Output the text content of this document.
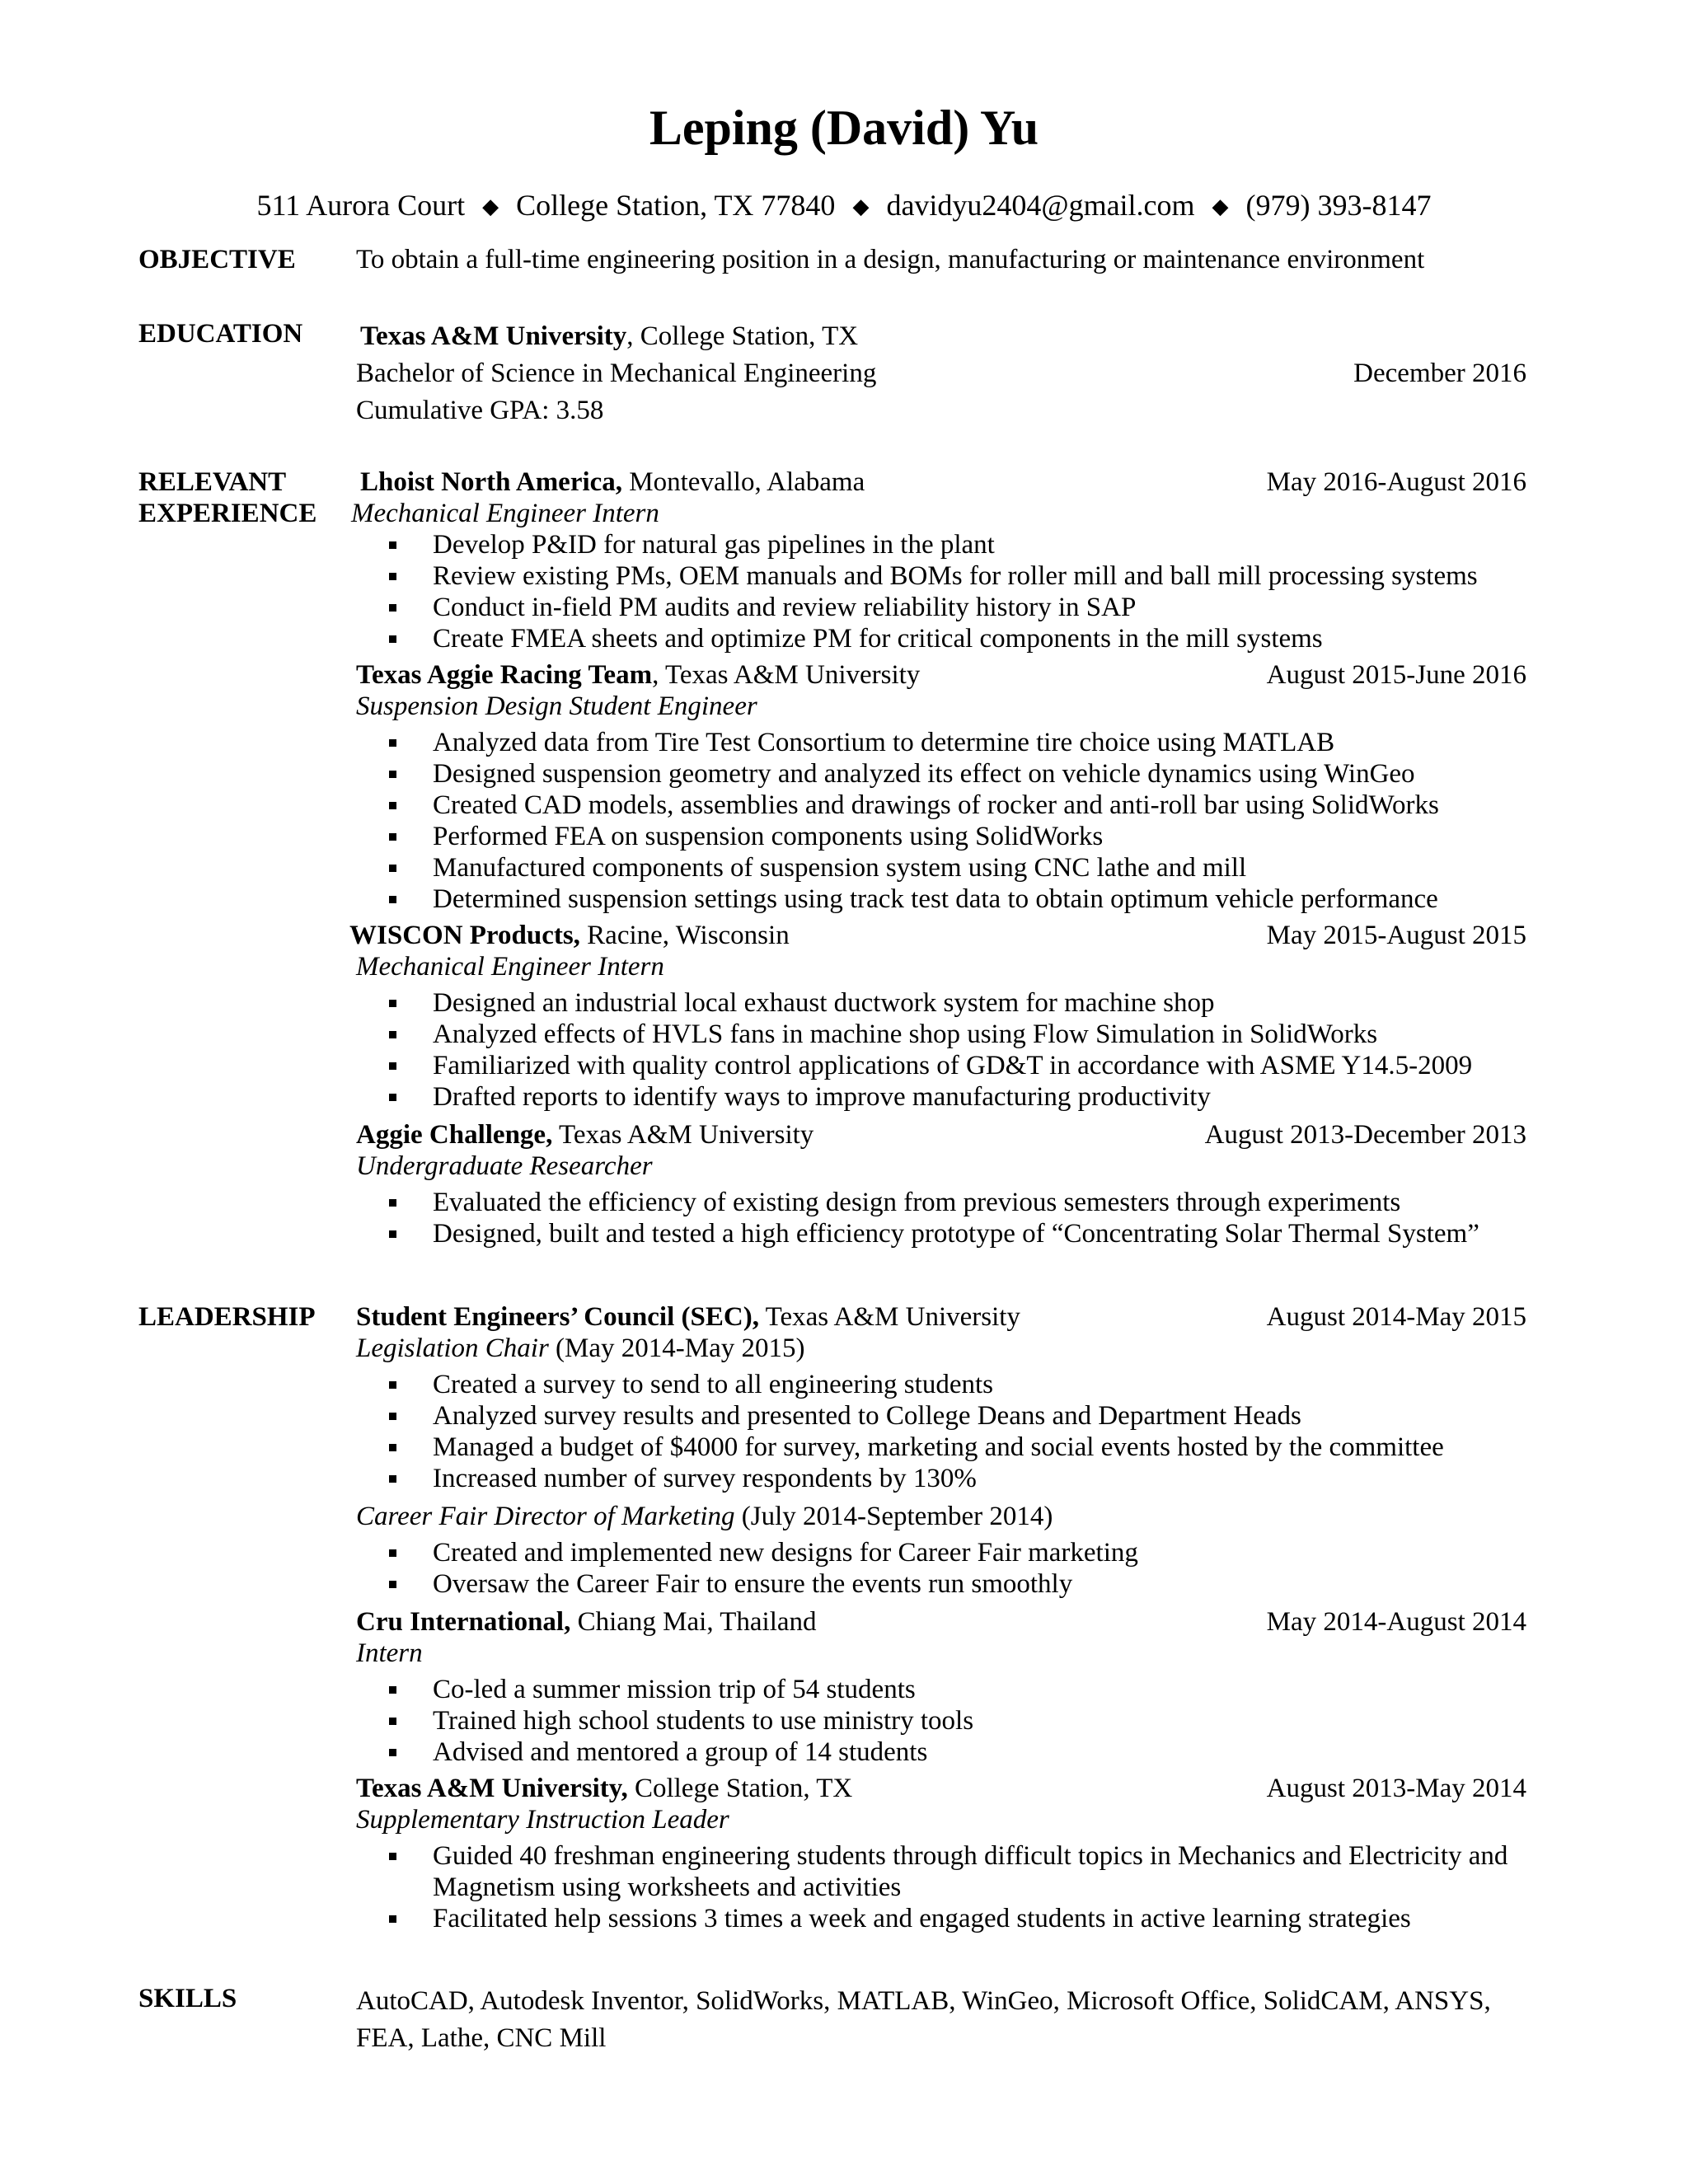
Leping (David) Yu
511 Aurora Court ◆ College Station, TX 77840 ◆ davidyu2404@gmail.com ◆ (979) 393-8147
OBJECTIVE To obtain a full-time engineering position in a design, manufacturing or maintenance environment
EDUCATION Texas A&M University, College Station, TX
Bachelor of Science in Mechanical Engineering	December 2016
Cumulative GPA: 3.58
RELEVANT
EXPERIENCE
Lhoist North America, Montevallo, Alabama	May 2016-August 2016
Mechanical Engineer Intern
Develop P&ID for natural gas pipelines in the plant
Review existing PMs, OEM manuals and BOMs for roller mill and ball mill processing systems
Conduct in-field PM audits and review reliability history in SAP
Create FMEA sheets and optimize PM for critical components in the mill systems
Texas Aggie Racing Team, Texas A&M University	August 2015-June 2016
Suspension Design Student Engineer
Analyzed data from Tire Test Consortium to determine tire choice using MATLAB
Designed suspension geometry and analyzed its effect on vehicle dynamics using WinGeo
Created CAD models, assemblies and drawings of rocker and anti-roll bar using SolidWorks
Performed FEA on suspension components using SolidWorks
Manufactured components of suspension system using CNC lathe and mill
Determined suspension settings using track test data to obtain optimum vehicle performance
WISCON Products, Racine, Wisconsin	May 2015-August 2015
Mechanical Engineer Intern
Designed an industrial local exhaust ductwork system for machine shop
Analyzed effects of HVLS fans in machine shop using Flow Simulation in SolidWorks
Familiarized with quality control applications of GD&T in accordance with ASME Y14.5-2009
Drafted reports to identify ways to improve manufacturing productivity
Aggie Challenge, Texas A&M University	August 2013-December 2013
Undergraduate Researcher
Evaluated the efficiency of existing design from previous semesters through experiments
Designed, built and tested a high efficiency prototype of “Concentrating Solar Thermal System”
LEADERSHIP Student Engineers’ Council (SEC), Texas A&M University	August 2014-May 2015
Legislation Chair (May 2014-May 2015)
Created a survey to send to all engineering students
Analyzed survey results and presented to College Deans and Department Heads
Managed a budget of $4000 for survey, marketing and social events hosted by the committee
Increased number of survey respondents by 130%
Career Fair Director of Marketing (July 2014-September 2014)
Created and implemented new designs for Career Fair marketing
Oversaw the Career Fair to ensure the events run smoothly
Cru International, Chiang Mai, Thailand	May 2014-August 2014
Intern
Co-led a summer mission trip of 54 students
Trained high school students to use ministry tools
Advised and mentored a group of 14 students
Texas A&M University, College Station, TX	August 2013-May 2014
Supplementary Instruction Leader
Guided 40 freshman engineering students through difficult topics in Mechanics and Electricity and Magnetism using worksheets and activities
Facilitated help sessions 3 times a week and engaged students in active learning strategies
SKILLS	AutoCAD, Autodesk Inventor, SolidWorks, MATLAB, WinGeo, Microsoft Office, SolidCAM, ANSYS, FEA, Lathe, CNC Mill
